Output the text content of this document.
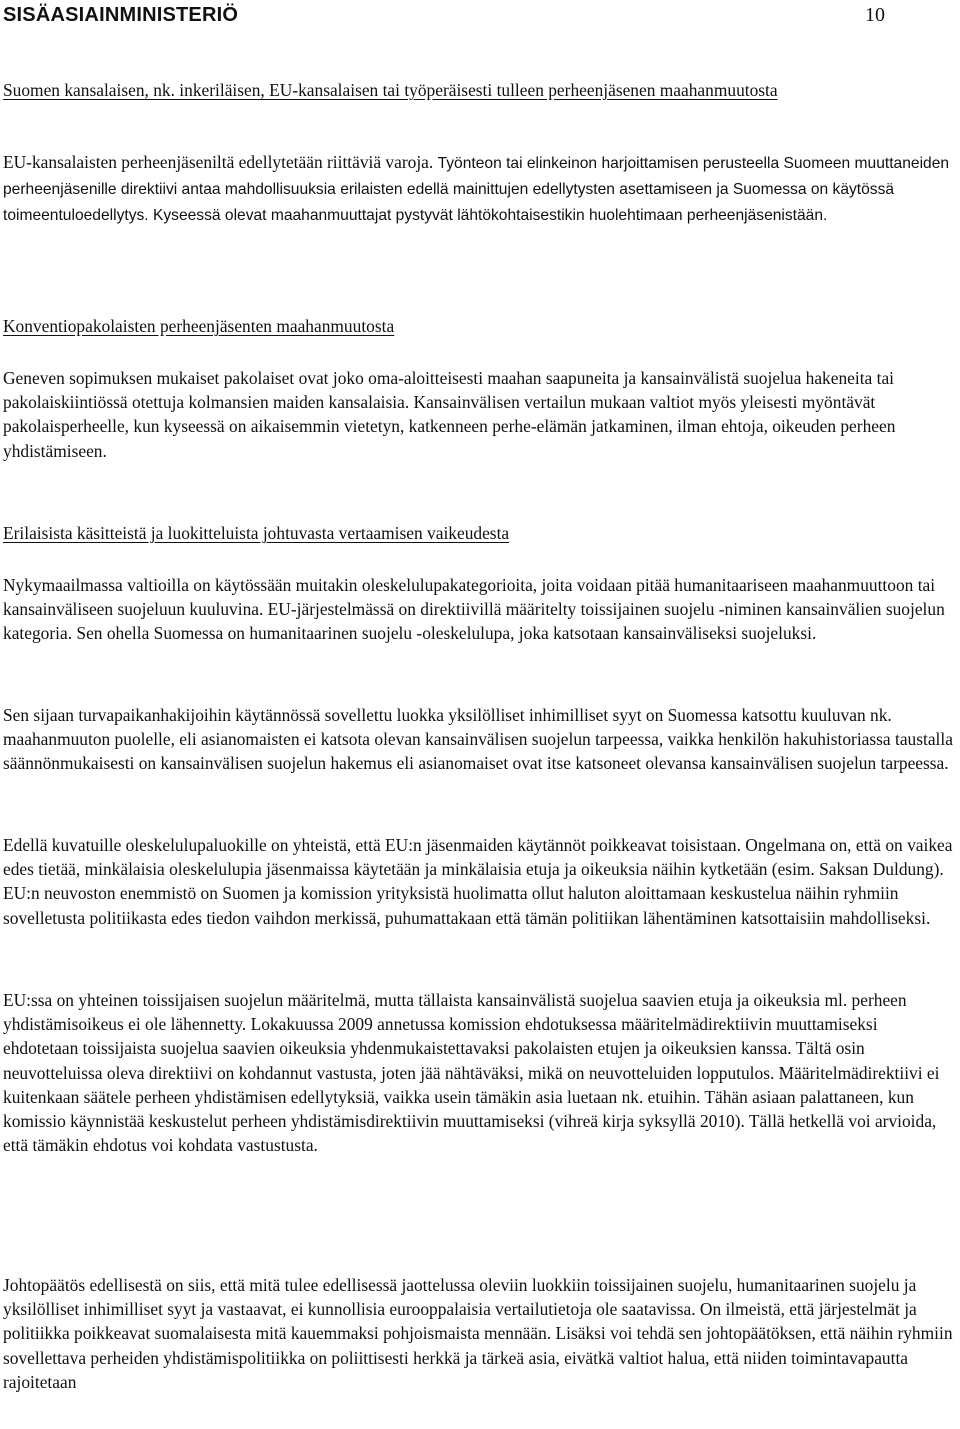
SISÄASIAINMINISTERIÖ	10

Suomen kansalaisen, nk. inkeriläisen, EU-kansalaisen tai työperäisesti tulleen perheenjäsenen maahanmuutosta

EU-kansalaisten perheenjäseniltä edellytetään riittäviä varoja. Työnteon tai elinkeinon harjoittamisen perusteella Suomeen muuttaneiden perheenjäsenille direktiivi antaa mahdollisuuksia erilaisten edellä mainittujen edellytysten asettamiseen ja Suomessa on käytössä toimeentuloedellytys. Kyseessä olevat maahanmuuttajat pystyvät lähtökohtaisestikin huolehtimaan perheenjäsenistään.

Konventiopakolaisten perheenjäsenten maahanmuutosta

Geneven sopimuksen mukaiset pakolaiset ovat joko oma-aloitteisesti maahan saapuneita ja kansainvälistä suojelua hakeneita tai pakolaiskiintiössä otettuja kolmansien maiden kansalaisia. Kansainvälisen vertailun mukaan valtiot myös yleisesti myöntävät pakolaisperheelle, kun kyseessä on aikaisemmin vietetyn, katkenneen perhe-elämän jatkaminen, ilman ehtoja, oikeuden perheen yhdistämiseen.

Erilaisista käsitteistä ja luokitteluista johtuvasta vertaamisen vaikeudesta

Nykymaailmassa valtioilla on käytössään muitakin oleskelulupakategorioita, joita voidaan pitää humanitaariseen maahanmuuttoon tai kansainväliseen suojeluun kuuluvina. EU-järjestelmässä on direktiivillä määritelty toissijainen suojelu -niminen kansainvälien suojelun kategoria. Sen ohella Suomessa on humanitaarinen suojelu -oleskelulupa, joka katsotaan kansainväliseksi suojeluksi.

Sen sijaan turvapaikanhakijoihin käytännössä sovellettu luokka yksilölliset inhimilliset syyt on Suomessa katsottu kuuluvan nk. maahanmuuton puolelle, eli asianomaisten ei katsota olevan kansainvälisen suojelun tarpeessa, vaikka henkilön hakuhistoriassa taustalla säännönmukaisesti on kansainvälisen suojelun hakemus eli asianomaiset ovat itse katsoneet olevansa kansainvälisen suojelun tarpeessa.

Edellä kuvatuille oleskelulupaluokille on yhteistä, että EU:n jäsenmaiden käytännöt poikkeavat toisistaan. Ongelmana on, että on vaikea edes tietää, minkälaisia oleskelulupia jäsenmaissa käytetään ja minkälaisia etuja ja oikeuksia näihin kytketään (esim. Saksan Duldung). EU:n neuvoston enemmistö on Suomen ja komission yrityksistä huolimatta ollut haluton aloittamaan keskustelua näihin ryhmiin sovelletusta politiikasta edes tiedon vaihdon merkissä, puhumattakaan että tämän politiikan lähentäminen katsottaisiin mahdolliseksi.

EU:ssa on yhteinen toissijaisen suojelun määritelmä, mutta tällaista kansainvälistä suojelua saavien etuja ja oikeuksia ml. perheen yhdistämisoikeus ei ole lähennetty. Lokakuussa 2009 annetussa komission ehdotuksessa määritelmädirektiivin muuttamiseksi ehdotetaan toissijaista suojelua saavien oikeuksia yhdenmukaistettavaksi pakolaisten etujen ja oikeuksien kanssa. Tältä osin neuvotteluissa oleva direktiivi on kohdannut vastusta, joten jää nähtäväksi, mikä on neuvotteluiden lopputulos. Määritelmädirektiivi ei kuitenkaan säätele perheen yhdistämisen edellytyksiä, vaikka usein tämäkin asia luetaan nk. etuihin. Tähän asiaan palattaneen, kun komissio käynnistää keskustelut perheen yhdistämisdirektiivin muuttamiseksi (vihreä kirja syksyllä 2010). Tällä hetkellä voi arvioida, että tämäkin ehdotus voi kohdata vastustusta.

Johtopäätös edellisestä on siis, että mitä tulee edellisessä jaottelussa oleviin luokkiin toissijainen suojelu, humanitaarinen suojelu ja yksilölliset inhimilliset syyt ja vastaavat, ei kunnollisia eurooppalaisia vertailutietoja ole saatavissa. On ilmeistä, että järjestelmät ja politiikka poikkeavat suomalaisesta mitä kauemmaksi pohjoismaista mennään. Lisäksi voi tehdä sen johtopäätöksen, että näihin ryhmiin sovellettava perheiden yhdistämispolitiikka on poliittisesti herkkä ja tärkeä asia, eivätkä valtiot halua, että niiden toimintavapautta rajoitetaan
